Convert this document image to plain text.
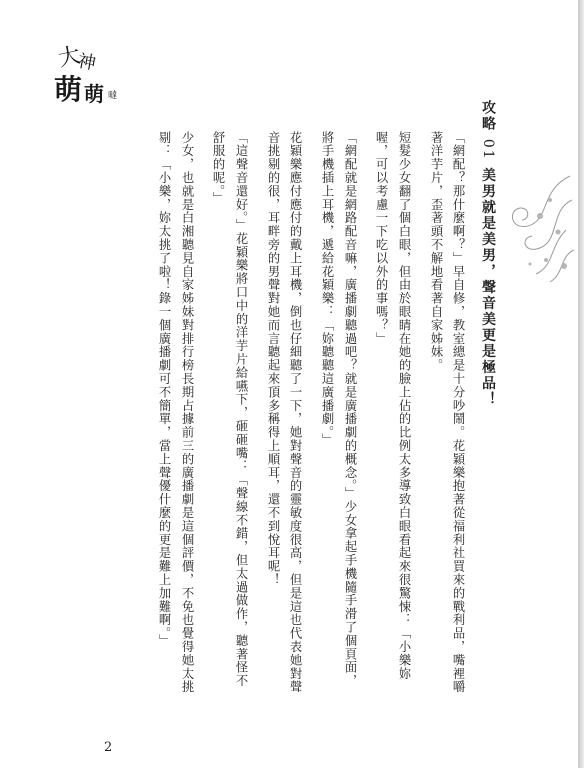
大
神
萌 萌 噠
攻略 01 美男就是美男，聲音美更是極品！
「網配？那什麼啊？」早自修，教室總是十分吵鬧。花穎樂抱著從福利社買來的戰利品，嘴裡嚼
著洋芋片，歪著頭不解地看著自家姊妹。
短髮少女翻了個白眼，但由於眼睛在她的臉上佔的比例太多導致白眼看起來很驚悚：「小樂妳
喔，可以考慮一下吃以外的事嗎？」
「網配就是網路配音嘛，廣播劇聽過吧？就是廣播劇的概念。」少女拿起手機隨手滑了個頁面，
將手機插上耳機，遞給花穎樂：「妳聽聽這廣播劇。」
花穎樂應付應付的戴上耳機，倒也仔細聽了一下，她對聲音的靈敏度很高，但是這也代表她對聲
音挑剔的很，耳畔旁的男聲對她而言聽起來頂多稱得上順耳，還不到悅耳呢！
「這聲音還好。」花穎樂將口中的洋芋片給嚥下，砸砸嘴：「聲線不錯，但太過做作，聽著怪不
舒服的呢。」
少女，也就是白湘聽見自家姊妹對排行榜長期占據前三的廣播劇是這個評價，不免也覺得她太挑
剔：「小樂，妳太挑了啦！錄一個廣播劇可不簡單，當上聲優什麼的更是難上加難啊。」
2
